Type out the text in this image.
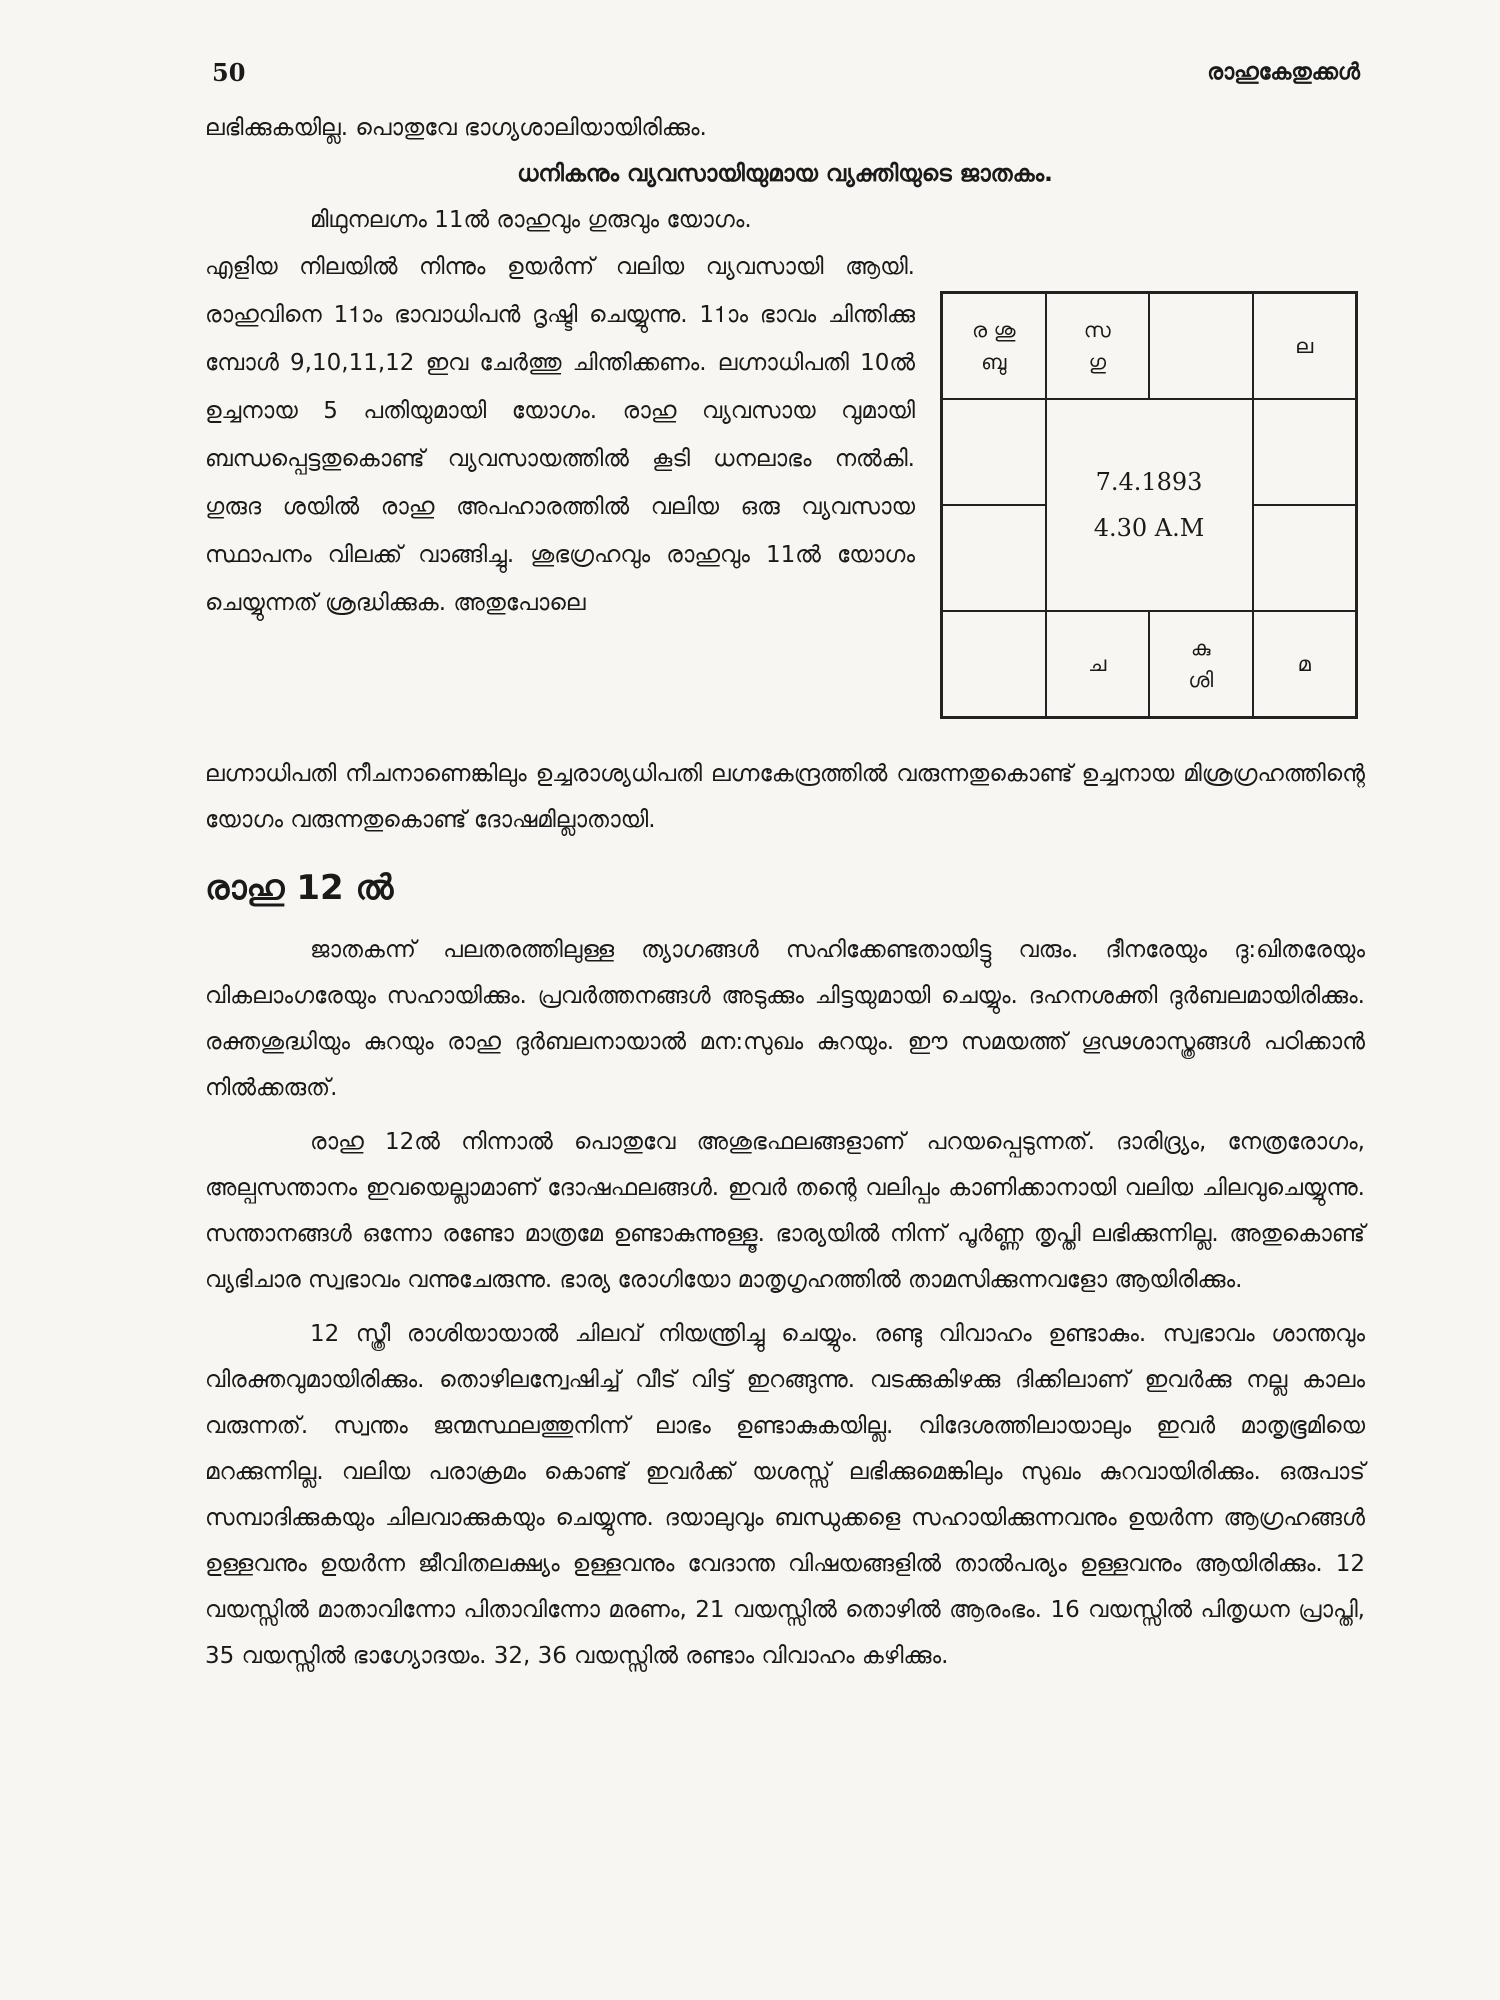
50	രാഹുകേതുക്കൾ

ലഭിക്കുകയില്ല. പൊതുവേ ഭാഗ്യശാലിയായിരിക്കും.

ധനികനും വ്യവസായിയുമായ വ്യക്തിയുടെ ജാതകം.

മിഥുനലഗ്നം 11ൽ രാഹുവും ഗുരുവും യോഗം.

എളിയ നിലയിൽ നിന്നും ഉയർന്ന് വലിയ വ്യവസായി ആയി. രാഹുവിനെ 11ാം ഭാവാധിപൻ ദൃഷ്ടി ചെയ്യുന്നു. 11ാം ഭാവം ചിന്തിക്കു മ്പോൾ 9,10,11,12 ഇവ ചേർത്തു ചിന്തിക്കണം. ലഗ്നാധിപതി 10ൽ ഉച്ചനായ 5 പതിയുമായി യോഗം. രാഹു വ്യവസായ വുമായി ബന്ധപ്പെട്ടതുകൊണ്ട് വ്യവസായത്തിൽ കൂടി ധനലാഭം നൽകി. ഗുരുദ ശയിൽ രാഹു അപഹാരത്തിൽ വലിയ ഒരു വ്യവസായ സ്ഥാപനം വിലക്ക് വാങ്ങിച്ചു. ശുഭഗ്രഹവും രാഹുവും 11ൽ യോഗം ചെയ്യുന്നത് ശ്രദ്ധിക്കുക. അതുപോലെ

ര ശു
ബു
സ
ഗു
ല
7.4.1893
4.30 A.M
ച
കു
ശി
മ

ലഗ്നാധിപതി നീചനാണെങ്കിലും ഉച്ചരാശ്യധിപതി ലഗ്നകേന്ദ്രത്തിൽ വരുന്നതുകൊണ്ട് ഉച്ചനായ മിശ്രഗ്രഹത്തിന്റെ യോഗം വരുന്നതുകൊണ്ട് ദോഷമില്ലാതായി.

രാഹു 12 ൽ

ജാതകന്ന് പലതരത്തിലുള്ള ത്യാഗങ്ങൾ സഹിക്കേണ്ടതായിട്ടു വരും. ദീനരേയും ദു:ഖിതരേയും വികലാംഗരേയും സഹായിക്കും. പ്രവർത്തനങ്ങൾ അടുക്കും ചിട്ടയുമായി ചെയ്യും. ദഹനശക്തി ദുർബലമായിരിക്കും. രക്തശുദ്ധിയും കുറയും രാഹു ദുർബലനായാൽ മന:സുഖം കുറയും. ഈ സമയത്ത് ഗൂഢശാസ്ത്രങ്ങൾ പഠിക്കാൻ നിൽക്കരുത്.

രാഹു 12ൽ നിന്നാൽ പൊതുവേ അശുഭഫലങ്ങളാണ് പറയപ്പെടുന്നത്. ദാരിദ്ര്യം, നേത്രരോഗം, അല്പസന്താനം ഇവയെല്ലാമാണ് ദോഷഫലങ്ങൾ. ഇവർ തന്റെ വലിപ്പം കാണിക്കാനായി വലിയ ചിലവുചെയ്യുന്നു. സന്താനങ്ങൾ ഒന്നോ രണ്ടോ മാത്രമേ ഉണ്ടാകുന്നുള്ളൂ. ഭാര്യയിൽ നിന്ന് പൂർണ്ണ തൃപ്തി ലഭിക്കുന്നില്ല. അതുകൊണ്ട് വ്യഭിചാര സ്വഭാവം വന്നുചേരുന്നു. ഭാര്യ രോഗിയോ മാതൃഗൃഹത്തിൽ താമസിക്കുന്നവളോ ആയിരിക്കും.

12 സ്ത്രീ രാശിയായാൽ ചിലവ് നിയന്ത്രിച്ചു ചെയ്യും. രണ്ടു വിവാഹം ഉണ്ടാകും. സ്വഭാവം ശാന്തവും വിരക്തവുമായിരിക്കും. തൊഴിലന്വേഷിച്ച് വീട് വിട്ട് ഇറങ്ങുന്നു. വടക്കുകിഴക്കു ദിക്കിലാണ് ഇവർക്കു നല്ല കാലം വരുന്നത്. സ്വന്തം ജന്മസ്ഥലത്തുനിന്ന് ലാഭം ഉണ്ടാകുകയില്ല. വിദേശത്തിലായാലും ഇവർ മാതൃഭൂമിയെ മറക്കുന്നില്ല. വലിയ പരാക്രമം കൊണ്ട് ഇവർക്ക് യശസ്സ് ലഭിക്കുമെങ്കിലും സുഖം കുറവായിരിക്കും. ഒരുപാട് സമ്പാദിക്കുകയും ചിലവാക്കുകയും ചെയ്യുന്നു. ദയാലുവും ബന്ധുക്കളെ സഹായിക്കുന്നവനും ഉയർന്ന ആഗ്രഹങ്ങൾ ഉള്ളവനും ഉയർന്ന ജീവിതലക്ഷ്യം ഉള്ളവനും വേദാന്ത വിഷയങ്ങളിൽ താൽപര്യം ഉള്ളവനും ആയിരിക്കും. 12 വയസ്സിൽ മാതാവിന്നോ പിതാവിന്നോ മരണം, 21 വയസ്സിൽ തൊഴിൽ ആരംഭം. 16 വയസ്സിൽ പിതൃധന പ്രാപ്തി, 35 വയസ്സിൽ ഭാഗ്യോദയം. 32, 36 വയസ്സിൽ രണ്ടാം വിവാഹം കഴിക്കും.
